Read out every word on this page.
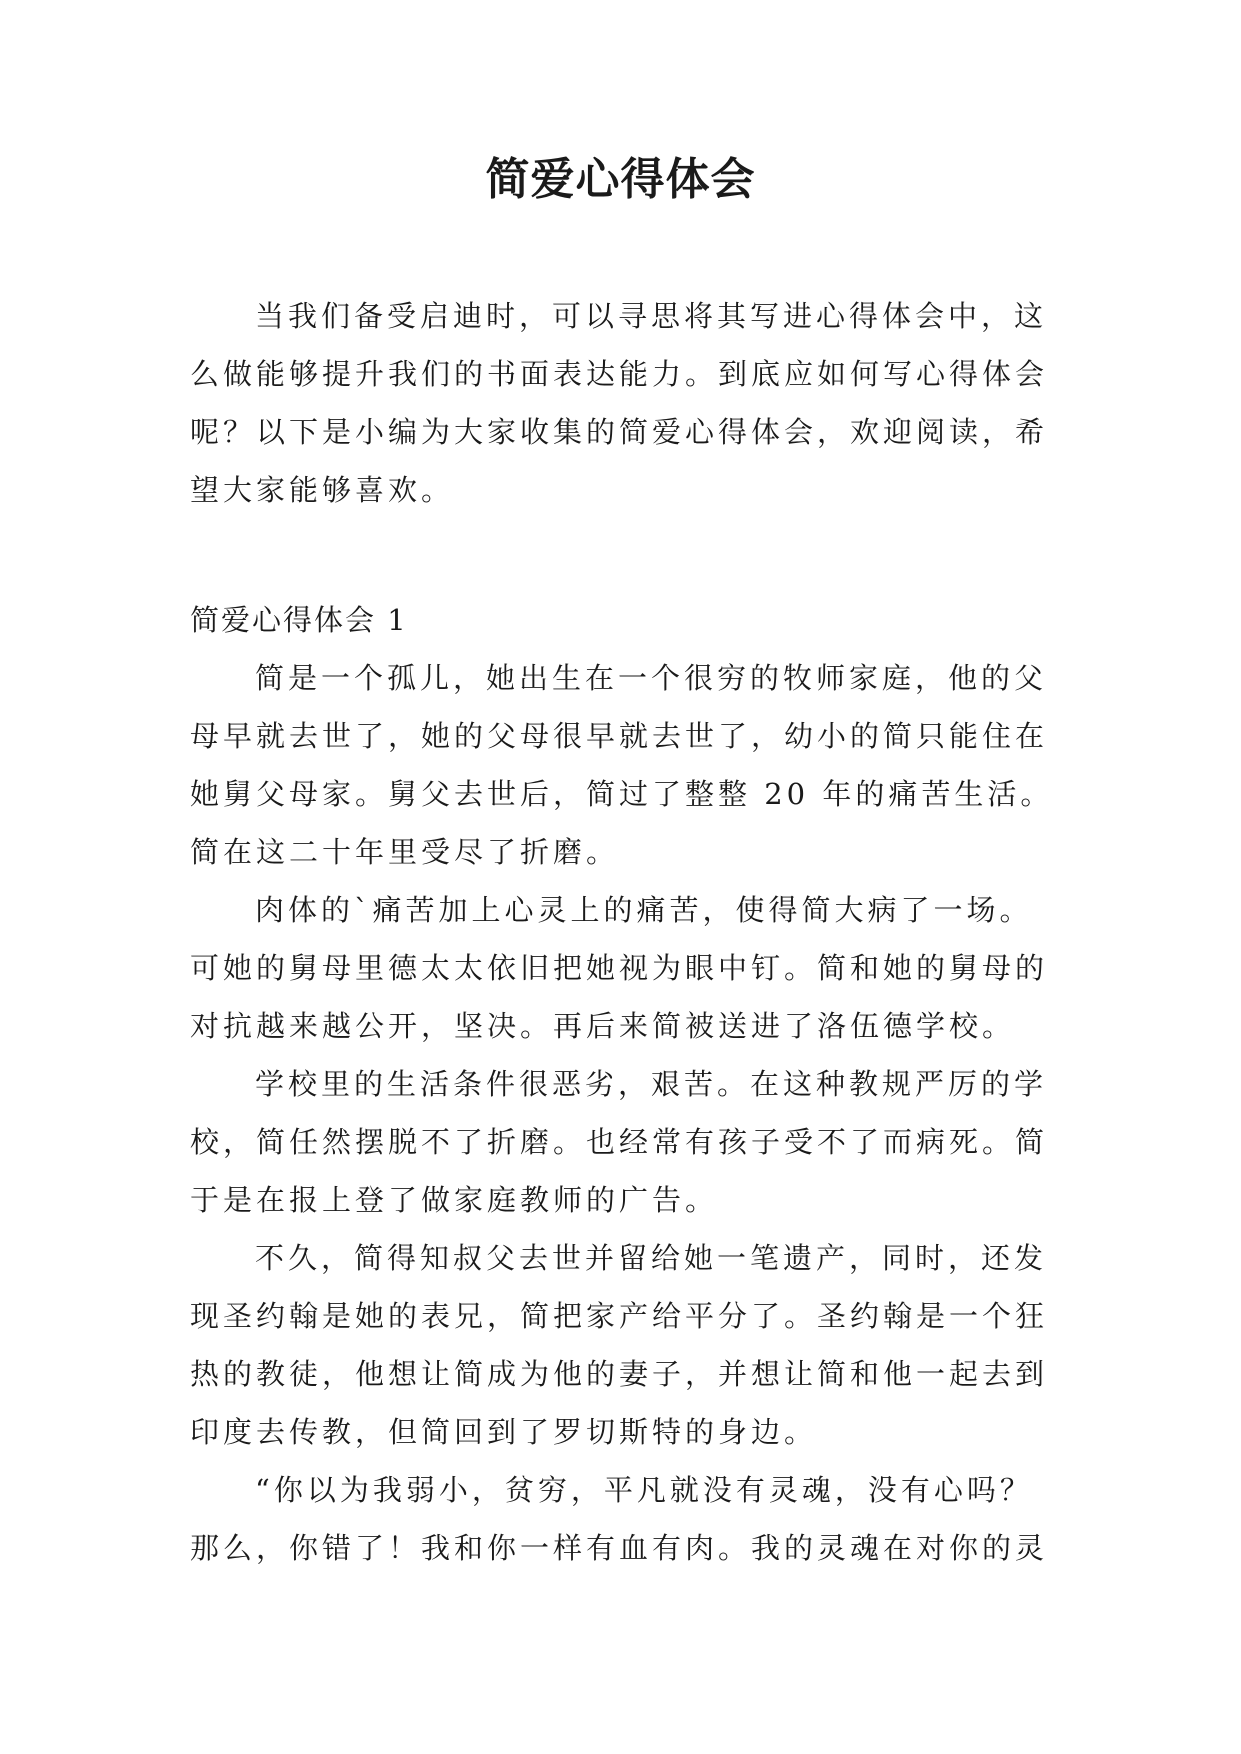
简爱心得体会
当我们备受启迪时，可以寻思将其写进心得体会中，这
么做能够提升我们的书面表达能力。到底应如何写心得体会
呢？以下是小编为大家收集的简爱心得体会，欢迎阅读，希
望大家能够喜欢。
简爱心得体会 1
简是一个孤儿，她出生在一个很穷的牧师家庭，他的父
母早就去世了，她的父母很早就去世了，幼小的简只能住在
她舅父母家。舅父去世后，简过了整整 20 年的痛苦生活。
简在这二十年里受尽了折磨。
肉体的`痛苦加上心灵上的痛苦，使得简大病了一场。
可她的舅母里德太太依旧把她视为眼中钉。简和她的舅母的
对抗越来越公开，坚决。再后来简被送进了洛伍德学校。
学校里的生活条件很恶劣，艰苦。在这种教规严厉的学
校，简任然摆脱不了折磨。也经常有孩子受不了而病死。简
于是在报上登了做家庭教师的广告。
不久，简得知叔父去世并留给她一笔遗产，同时，还发
现圣约翰是她的表兄，简把家产给平分了。圣约翰是一个狂
热的教徒，他想让简成为他的妻子，并想让简和他一起去到
印度去传教，但简回到了罗切斯特的身边。
“你以为我弱小，贫穷，平凡就没有灵魂，没有心吗？
那么，你错了！我和你一样有血有肉。我的灵魂在对你的灵
